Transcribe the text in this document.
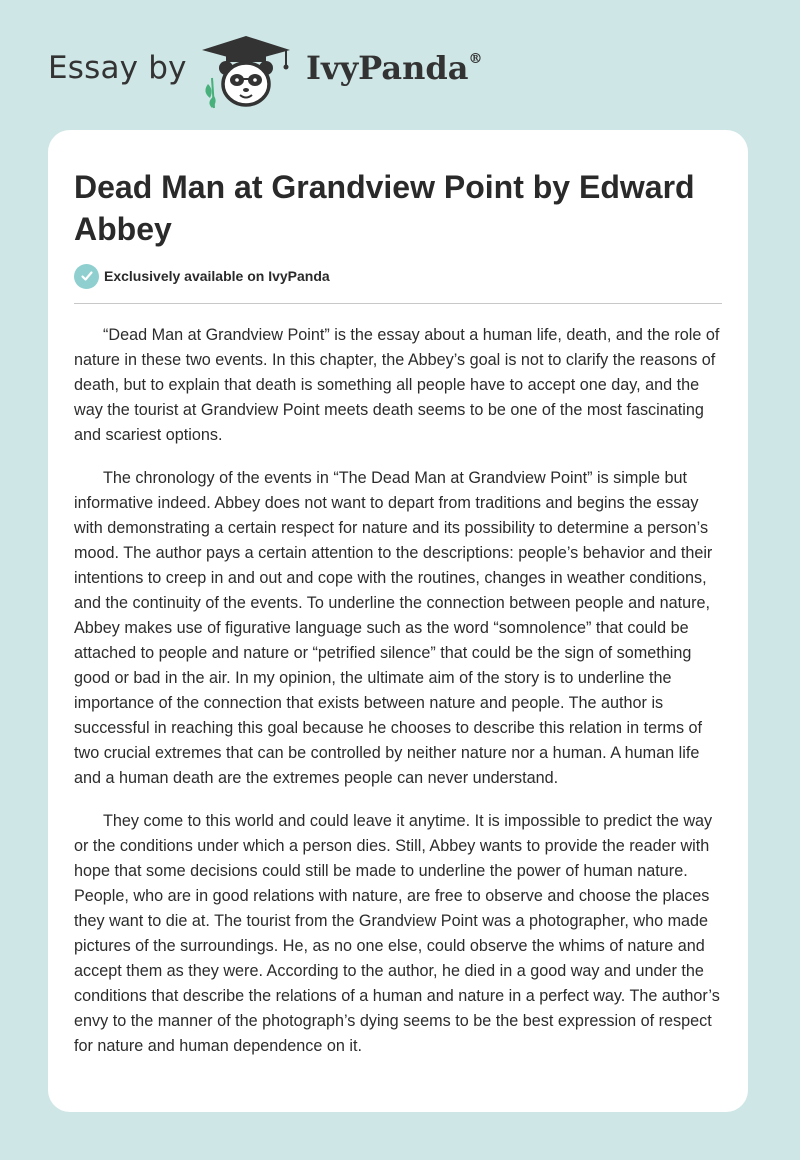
Essay by	IvyPanda®
Dead Man at Grandview Point by Edward Abbey
Exclusively available on IvyPanda

“Dead Man at Grandview Point” is the essay about a human life, death, and the role of nature in these two events. In this chapter, the Abbey’s goal is not to clarify the reasons of death, but to explain that death is something all people have to accept one day, and the way the tourist at Grandview Point meets death seems to be one of the most fascinating and scariest options.

The chronology of the events in “The Dead Man at Grandview Point” is simple but informative indeed. Abbey does not want to depart from traditions and begins the essay with demonstrating a certain respect for nature and its possibility to determine a person’s mood. The author pays a certain attention to the descriptions: people’s behavior and their intentions to creep in and out and cope with the routines, changes in weather conditions, and the continuity of the events. To underline the connection between people and nature, Abbey makes use of figurative language such as the word “somnolence” that could be attached to people and nature or “petrified silence” that could be the sign of something good or bad in the air. In my opinion, the ultimate aim of the story is to underline the importance of the connection that exists between nature and people. The author is successful in reaching this goal because he chooses to describe this relation in terms of two crucial extremes that can be controlled by neither nature nor a human. A human life and a human death are the extremes people can never understand.

They come to this world and could leave it anytime. It is impossible to predict the way or the conditions under which a person dies. Still, Abbey wants to provide the reader with hope that some decisions could still be made to underline the power of human nature. People, who are in good relations with nature, are free to observe and choose the places they want to die at. The tourist from the Grandview Point was a photographer, who made pictures of the surroundings. He, as no one else, could observe the whims of nature and accept them as they were. According to the author, he died in a good way and under the conditions that describe the relations of a human and nature in a perfect way. The author’s envy to the manner of the photograph’s dying seems to be the best expression of respect for nature and human dependence on it.
